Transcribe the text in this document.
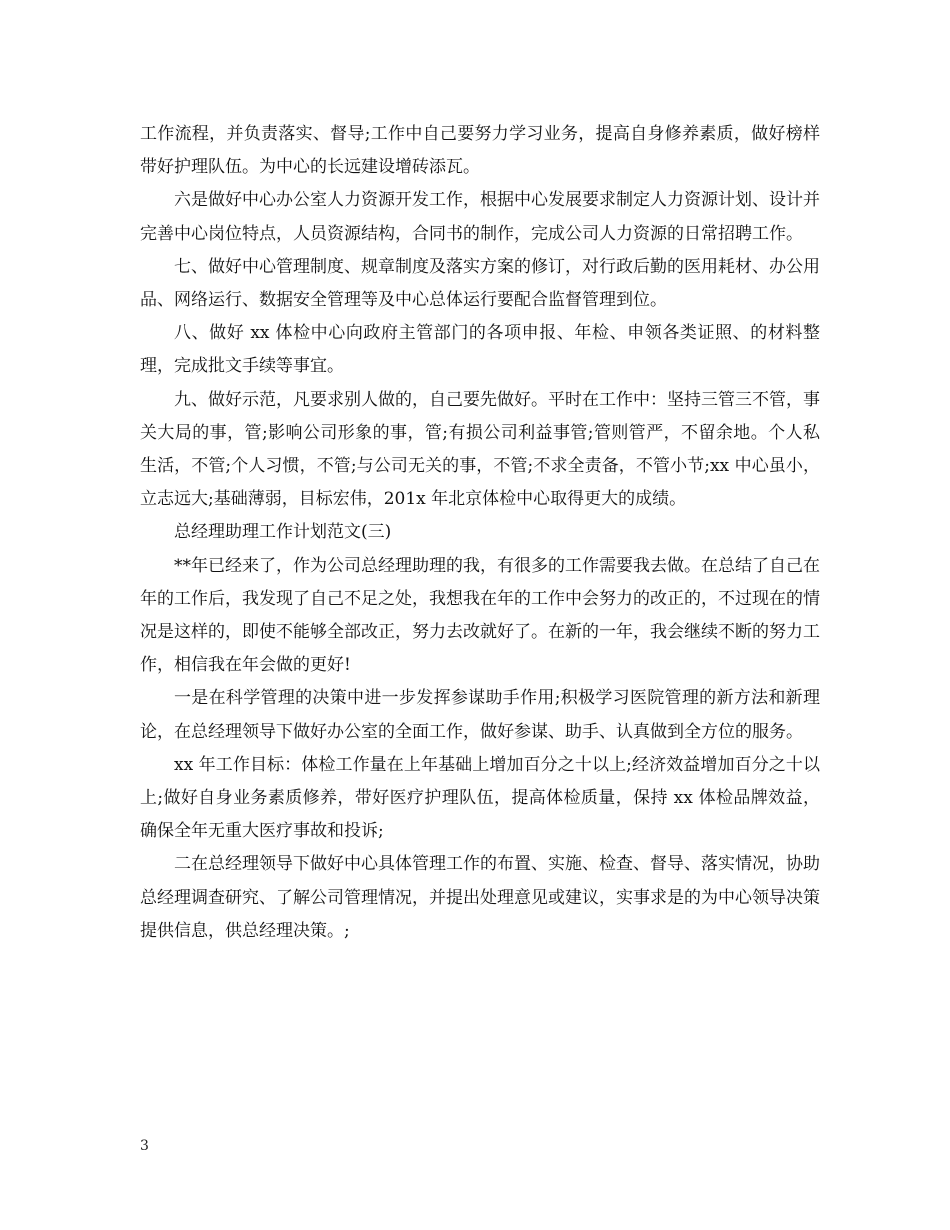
工作流程，并负责落实、督导;工作中自己要努力学习业务，提高自身修养素质，做好榜样带好护理队伍。为中心的长远建设增砖添瓦。

六是做好中心办公室人力资源开发工作，根据中心发展要求制定人力资源计划、设计并完善中心岗位特点，人员资源结构，合同书的制作，完成公司人力资源的日常招聘工作。

七、做好中心管理制度、规章制度及落实方案的修订，对行政后勤的医用耗材、办公用品、网络运行、数据安全管理等及中心总体运行要配合监督管理到位。

八、做好 xx 体检中心向政府主管部门的各项申报、年检、申领各类证照、的材料整理，完成批文手续等事宜。

九、做好示范，凡要求别人做的，自己要先做好。平时在工作中：坚持三管三不管，事关大局的事，管;影响公司形象的事，管;有损公司利益事管;管则管严，不留余地。个人私生活，不管;个人习惯，不管;与公司无关的事，不管;不求全责备，不管小节;xx 中心虽小，立志远大;基础薄弱，目标宏伟，201x 年北京体检中心取得更大的成绩。

总经理助理工作计划范文(三)

**年已经来了，作为公司总经理助理的我，有很多的工作需要我去做。在总结了自己在年的工作后，我发现了自己不足之处，我想我在年的工作中会努力的改正的，不过现在的情况是这样的，即使不能够全部改正，努力去改就好了。在新的一年，我会继续不断的努力工作，相信我在年会做的更好!

一是在科学管理的决策中进一步发挥参谋助手作用;积极学习医院管理的新方法和新理论，在总经理领导下做好办公室的全面工作，做好参谋、助手、认真做到全方位的服务。

xx 年工作目标：体检工作量在上年基础上增加百分之十以上;经济效益增加百分之十以上;做好自身业务素质修养，带好医疗护理队伍，提高体检质量，保持 xx 体检品牌效益，确保全年无重大医疗事故和投诉;

二在总经理领导下做好中心具体管理工作的布置、实施、检查、督导、落实情况，协助总经理调查研究、了解公司管理情况，并提出处理意见或建议，实事求是的为中心领导决策提供信息，供总经理决策。;

3
